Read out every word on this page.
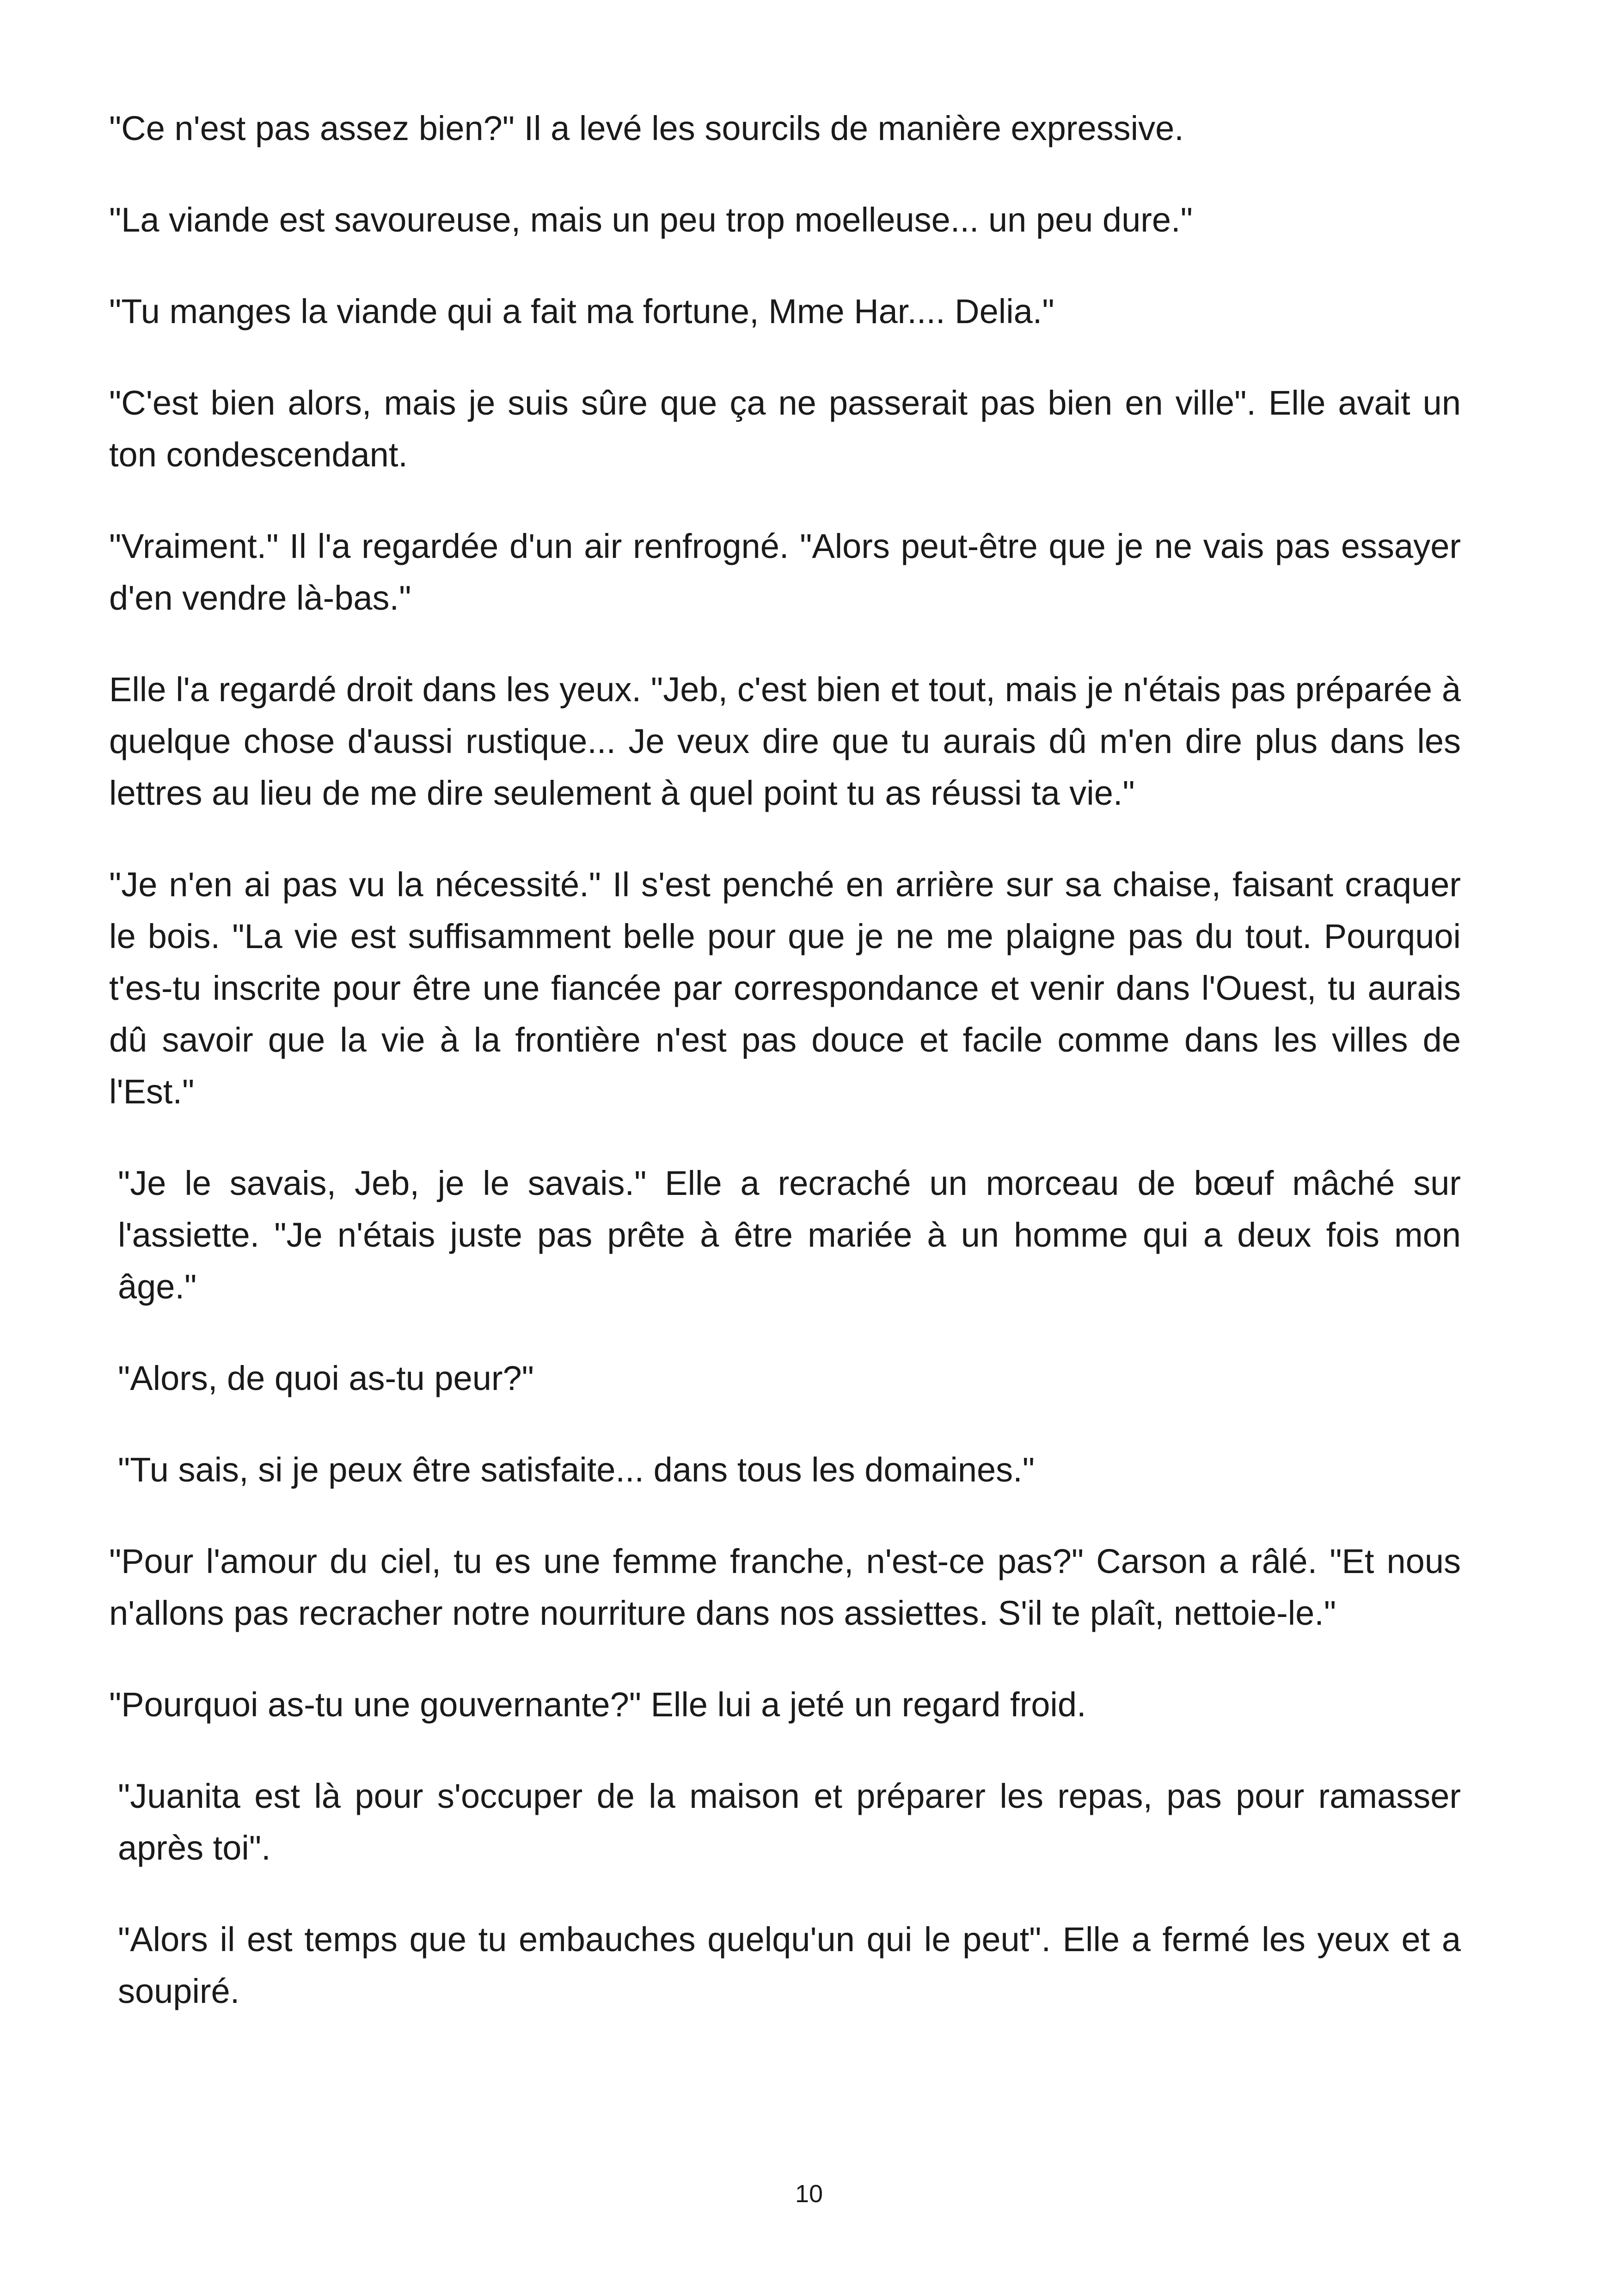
"Ce n'est pas assez bien?" Il a levé les sourcils de manière expressive.

"La viande est savoureuse, mais un peu trop moelleuse... un peu dure."

"Tu manges la viande qui a fait ma fortune, Mme Har.... Delia."

"C'est bien alors, mais je suis sûre que ça ne passerait pas bien en ville". Elle avait un ton condescendant.

"Vraiment." Il l'a regardée d'un air renfrogné. "Alors peut-être que je ne vais pas essayer d'en vendre là-bas."

Elle l'a regardé droit dans les yeux. "Jeb, c'est bien et tout, mais je n'étais pas préparée à quelque chose d'aussi rustique... Je veux dire que tu aurais dû m'en dire plus dans les lettres au lieu de me dire seulement à quel point tu as réussi ta vie."

"Je n'en ai pas vu la nécessité." Il s'est penché en arrière sur sa chaise, faisant craquer le bois. "La vie est suffisamment belle pour que je ne me plaigne pas du tout. Pourquoi t'es-tu inscrite pour être une fiancée par correspondance et venir dans l'Ouest, tu aurais dû savoir que la vie à la frontière n'est pas douce et facile comme dans les villes de l'Est."

"Je le savais, Jeb, je le savais." Elle a recraché un morceau de bœuf mâché sur l'assiette. "Je n'étais juste pas prête à être mariée à un homme qui a deux fois mon âge."

"Alors, de quoi as-tu peur?"

"Tu sais, si je peux être satisfaite... dans tous les domaines."

"Pour l'amour du ciel, tu es une femme franche, n'est-ce pas?" Carson a râlé. "Et nous n'allons pas recracher notre nourriture dans nos assiettes. S'il te plaît, nettoie-le."

"Pourquoi as-tu une gouvernante?" Elle lui a jeté un regard froid.

"Juanita est là pour s'occuper de la maison et préparer les repas, pas pour ramasser après toi".

"Alors il est temps que tu embauches quelqu'un qui le peut". Elle a fermé les yeux et a soupiré.

10
